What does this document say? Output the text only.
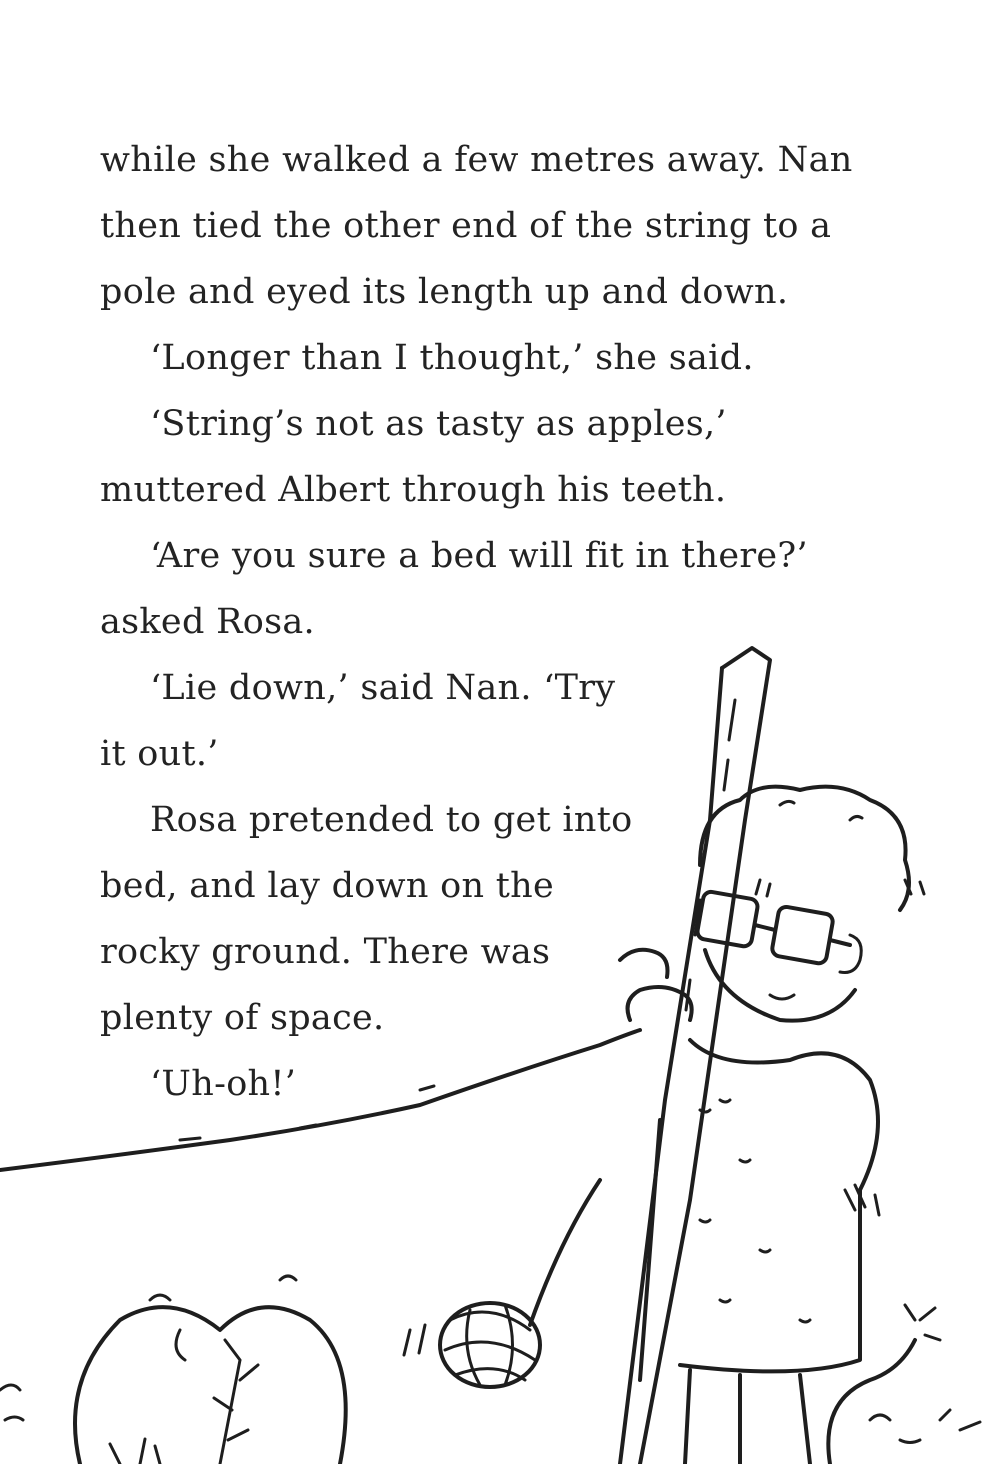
while she walked a few metres away. Nan
then tied the other end of the string to a
pole and eyed its length up and down.
‘Longer than I thought,’ she said.
‘String’s not as tasty as apples,’
muttered Albert through his teeth.
‘Are you sure a bed will fit in there?’
asked Rosa.
‘Lie down,’ said Nan. ‘Try
it out.’
Rosa pretended to get into
bed, and lay down on the
rocky ground. There was
plenty of space.
‘Uh-oh!’
